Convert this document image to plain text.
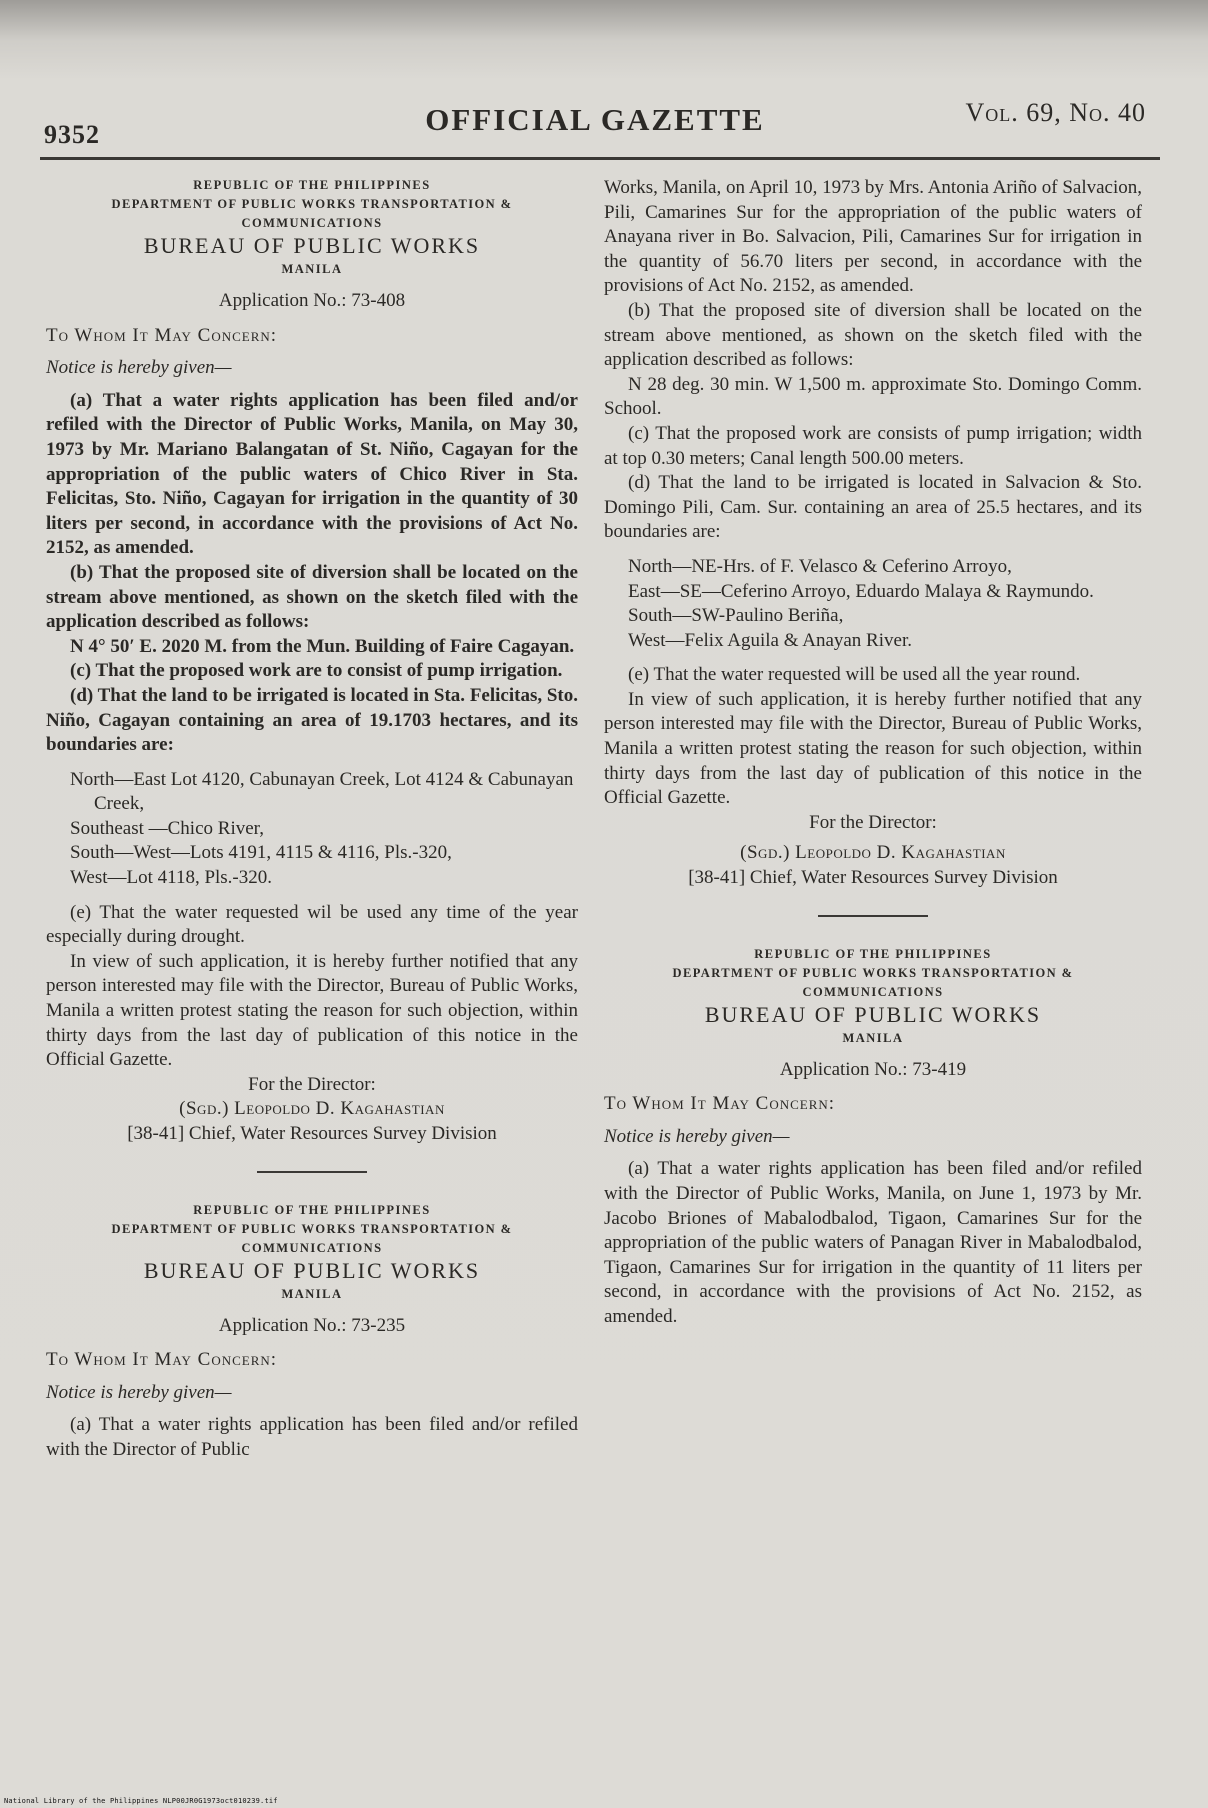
9352	OFFICIAL GAZETTE	Vol. 69, No. 40

REPUBLIC OF THE PHILIPPINES

DEPARTMENT OF PUBLIC WORKS TRANSPORTATION & COMMUNICATIONS

BUREAU OF PUBLIC WORKS

MANILA

Application No.: 73-408

To Whom It May Concern:

Notice is hereby given—

(a) That a water rights application has been filed and/or refiled with the Director of Public Works, Manila, on May 30, 1973 by Mr. Mariano Balangatan of St. Niño, Cagayan for the appropriation of the public waters of Chico River in Sta. Felicitas, Sto. Niño, Cagayan for irrigation in the quantity of 30 liters per second, in accordance with the provisions of Act No. 2152, as amended.

(b) That the proposed site of diversion shall be located on the stream above mentioned, as shown on the sketch filed with the application described as follows:

N 4° 50′ E. 2020 M. from the Mun. Building of Faire Cagayan.

(c) That the proposed work are to consist of pump irrigation.

(d) That the land to be irrigated is located in Sta. Felicitas, Sto. Niño, Cagayan containing an area of 19.1703 hectares, and its boundaries are:

North—East Lot 4120, Cabunayan Creek, Lot 4124 & Cabunayan Creek,

Southeast —Chico River,

South—West—Lots 4191, 4115 & 4116, Pls.-320,

West—Lot 4118, Pls.-320.

(e) That the water requested wil be used any time of the year especially during drought.

In view of such application, it is hereby further notified that any person interested may file with the Director, Bureau of Public Works, Manila a written protest stating the reason for such objection, within thirty days from the last day of publication of this notice in the Official Gazette.

For the Director:

(Sgd.) Leopoldo D. Kagahastian

[38-41] Chief, Water Resources Survey Division

REPUBLIC OF THE PHILIPPINES

DEPARTMENT OF PUBLIC WORKS TRANSPORTATION & COMMUNICATIONS

BUREAU OF PUBLIC WORKS

MANILA

Application No.: 73-235

To Whom It May Concern:

Notice is hereby given—

(a) That a water rights application has been filed and/or refiled with the Director of Public

Works, Manila, on April 10, 1973 by Mrs. Antonia Ariño of Salvacion, Pili, Camarines Sur for the appropriation of the public waters of Anayana river in Bo. Salvacion, Pili, Camarines Sur for irrigation in the quantity of 56.70 liters per second, in accordance with the provisions of Act No. 2152, as amended.

(b) That the proposed site of diversion shall be located on the stream above mentioned, as shown on the sketch filed with the application described as follows:

N 28 deg. 30 min. W 1,500 m. approximate Sto. Domingo Comm. School.

(c) That the proposed work are consists of pump irrigation; width at top 0.30 meters; Canal length 500.00 meters.

(d) That the land to be irrigated is located in Salvacion & Sto. Domingo Pili, Cam. Sur. containing an area of 25.5 hectares, and its boundaries are:

North—NE-Hrs. of F. Velasco & Ceferino Arroyo,

East—SE—Ceferino Arroyo, Eduardo Malaya & Raymundo.

South—SW-Paulino Beriña,

West—Felix Aguila & Anayan River.

(e) That the water requested will be used all the year round.

In view of such application, it is hereby further notified that any person interested may file with the Director, Bureau of Public Works, Manila a written protest stating the reason for such objection, within thirty days from the last day of publication of this notice in the Official Gazette.

For the Director:

(Sgd.) Leopoldo D. Kagahastian

[38-41] Chief, Water Resources Survey Division

REPUBLIC OF THE PHILIPPINES

DEPARTMENT OF PUBLIC WORKS TRANSPORTATION & COMMUNICATIONS

BUREAU OF PUBLIC WORKS

MANILA

Application No.: 73-419

To Whom It May Concern:

Notice is hereby given—

(a) That a water rights application has been filed and/or refiled with the Director of Public Works, Manila, on June 1, 1973 by Mr. Jacobo Briones of Mabalodbalod, Tigaon, Camarines Sur for the appropriation of the public waters of Panagan River in Mabalodbalod, Tigaon, Camarines Sur for irrigation in the quantity of 11 liters per second, in accordance with the provisions of Act No. 2152, as amended.

National Library of the Philippines NLP00JR0G1973oct010239.tif
